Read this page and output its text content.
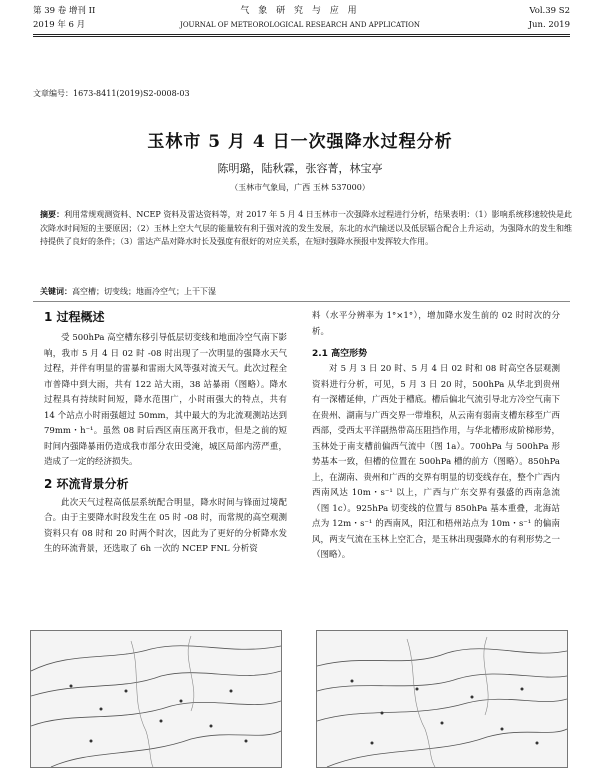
第 39 卷 增刊 II
2019 年 6 月
气 象 研 究 与 应 用
JOURNAL OF METEOROLOGICAL RESEARCH AND APPLICATION
Vol.39 S2
Jun. 2019
文章编号：1673-8411(2019)S2-0008-03
玉林市 5 月 4 日一次强降水过程分析
陈明璐，陆秋霖，张容菁，林宝亭
（玉林市气象局，广西 玉林 537000）
摘要：利用常规观测资料、NCEP 资料及雷达资料等，对 2017 年 5 月 4 日玉林市一次强降水过程进行分析，结果表明：（1）影响系统移速较快是此次降水时间短的主要原因；（2）玉林上空大气层的能量较有利于强对流的发生发展，东北的水汽输送以及低层辐合配合上升运动，为强降水的发生和维持提供了良好的条件；（3）雷达产品对降水时长及强度有很好的对应关系，在短时强降水预报中发挥较大作用。
关键词：高空槽；切变线；地面冷空气；上干下湿
1 过程概述

受 500hPa 高空槽东移引导低层切变线和地面冷空气南下影响，我市 5 月 4 日 02 时 -08 时出现了一次明显的强降水天气过程，并伴有明显的雷暴和雷雨大风等强对流天气。此次过程全市普降中到大雨，共有 122 站大雨，38 站暴雨（图略）。降水过程具有持续时间短，降水范围广，小时雨强大的特点，共有 14 个站点小时雨强超过 50mm，其中最大的为北流观测站达到 79mm・h⁻¹。虽然 08 时后西区南压离开我市，但是之前的短时间内强降暴雨仍造成我市部分农田受淹，城区局部内涝严重，造成了一定的经济损失。

2 环流背景分析

此次天气过程高低层系统配合明显，降水时间与锋面过境配合。由于主要降水时段发生在 05 时 -08 时，而常规的高空观测资料只有 08 时和 20 时两个时次，因此为了更好的分析降水发生的环流背景，还选取了 6h 一次的 NCEP FNL 分析资

料（水平分辨率为 1°×1°），增加降水发生前的 02 时时次的分析。

2.1 高空形势

对 5 月 3 日 20 时、5 月 4 日 02 时和 08 时高空各层观测资料进行分析，可见，5 月 3 日 20 时，500hPa 从华北到贵州有一深槽延伸，广西处于槽底。槽后偏北气流引导北方冷空气南下在贵州、湖南与广西交界一带堆积，从云南有弱南支槽东移至广西西部，受西太平洋副热带高压阻挡作用，与华北槽形成阶梯形势，玉林处于南支槽前偏西气流中（图 1a）。700hPa 与 500hPa 形势基本一致，但槽的位置在 500hPa 槽的前方（图略）。850hPa 上，在湖南、贵州和广西的交界有明显的切变线存在，整个广西内西南风达 10m・s⁻¹ 以上，广西与广东交界有强盛的西南急流（图 1c）。925hPa 切变线的位置与 850hPa 基本重叠，北海站点为 12m・s⁻¹ 的西南风，阳江和梧州站点为 10m・s⁻¹ 的偏南风，两支气流在玉林上空汇合，是玉林出现强降水的有利形势之一（图略）。
